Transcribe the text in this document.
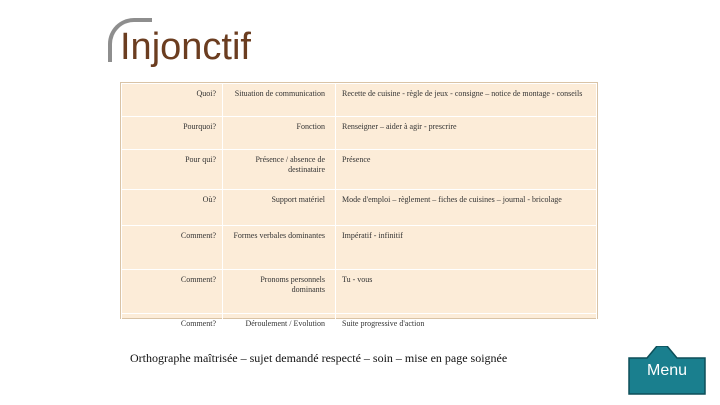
Injonctif
Quoi?	Situation de communication	Recette de cuisine - règle de jeux - consigne – notice de montage - conseils
Pourquoi?	Fonction	Renseigner – aider à agir - prescrire
Pour qui?	Présence / absence de destinataire	Présence
Où?	Support matériel	Mode d'emploi – règlement – fiches de cuisines – journal - bricolage
Comment?	Formes verbales dominantes	Impératif - infinitif
Comment?	Pronoms personnels dominants	Tu - vous
Comment?	Déroulement / Evolution	Suite progressive d'action
Orthographe maîtrisée – sujet demandé respecté – soin – mise en page soignée
Menu
